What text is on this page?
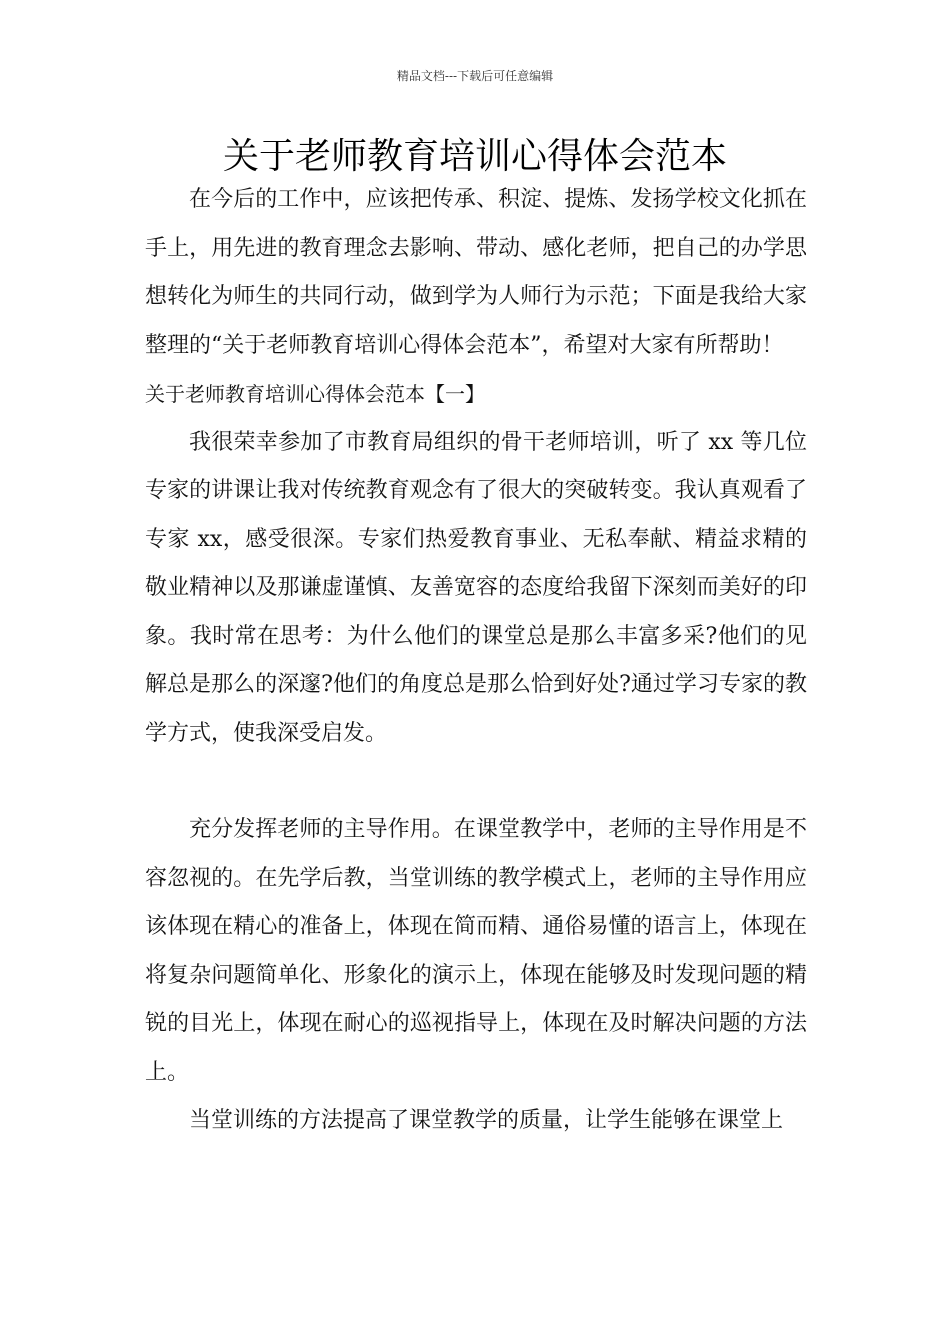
精品文档---下载后可任意编辑
关于老师教育培训心得体会范本

在今后的工作中，应该把传承、积淀、提炼、发扬学校文化抓在手上，用先进的教育理念去影响、带动、感化老师，把自己的办学思想转化为师生的共同行动，做到学为人师行为示范；下面是我给大家整理的“关于老师教育培训心得体会范本”，希望对大家有所帮助！

关于老师教育培训心得体会范本【一】

我很荣幸参加了市教育局组织的骨干老师培训，听了 xx 等几位专家的讲课让我对传统教育观念有了很大的突破转变。我认真观看了专家 xx，感受很深。专家们热爱教育事业、无私奉献、精益求精的敬业精神以及那谦虚谨慎、友善宽容的态度给我留下深刻而美好的印象。我时常在思考：为什么他们的课堂总是那么丰富多采?他们的见解总是那么的深邃?他们的角度总是那么恰到好处?通过学习专家的教学方式，使我深受启发。

充分发挥老师的主导作用。在课堂教学中，老师的主导作用是不容忽视的。在先学后教，当堂训练的教学模式上，老师的主导作用应该体现在精心的准备上，体现在简而精、通俗易懂的语言上，体现在将复杂问题简单化、形象化的演示上，体现在能够及时发现问题的精锐的目光上，体现在耐心的巡视指导上，体现在及时解决问题的方法上。

当堂训练的方法提高了课堂教学的质量，让学生能够在课堂上
